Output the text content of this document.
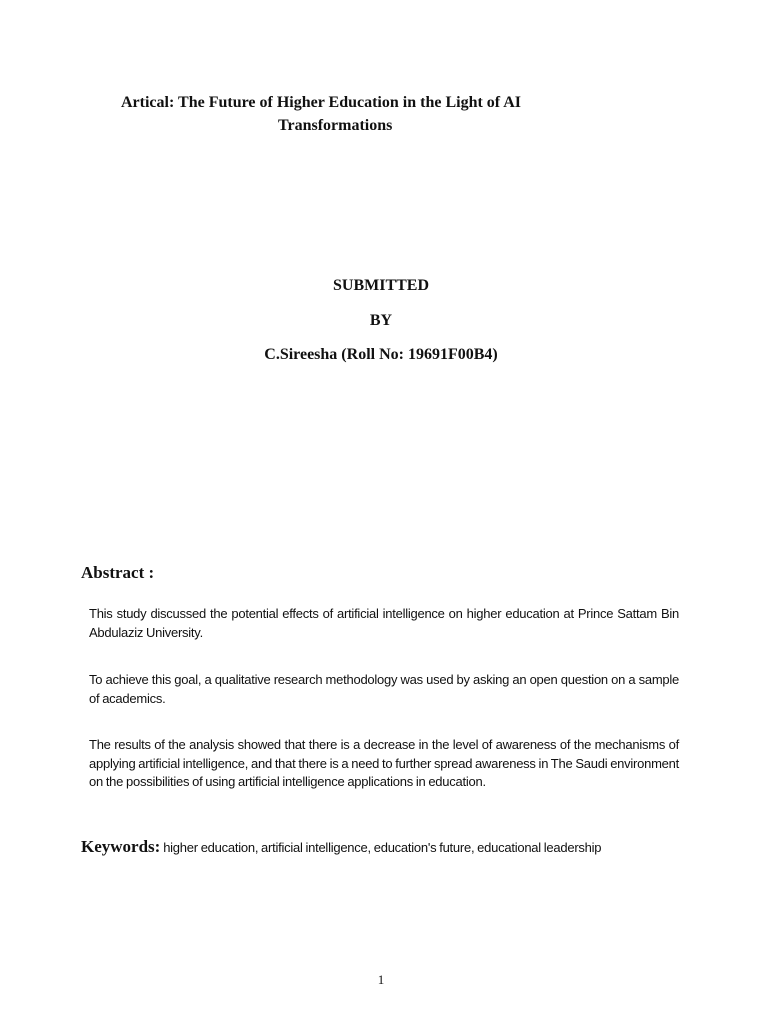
Artical: The Future of Higher Education in the Light of AI
Transformations
SUBMITTED
BY
C.Sireesha (Roll No: 19691F00B4)
Abstract :
This study discussed the potential effects of artificial intelligence on higher education at Prince Sattam Bin Abdulaziz University.
To achieve this goal, a qualitative research methodology was used by asking an open question on a sample of academics.
The results of the analysis showed that there is a decrease in the level of awareness of the mechanisms of applying artificial intelligence, and that there is a need to further spread awareness in The Saudi environment on the possibilities of using artificial intelligence applications in education.
Keywords: higher education, artificial intelligence, education's future, educational leadership
1
